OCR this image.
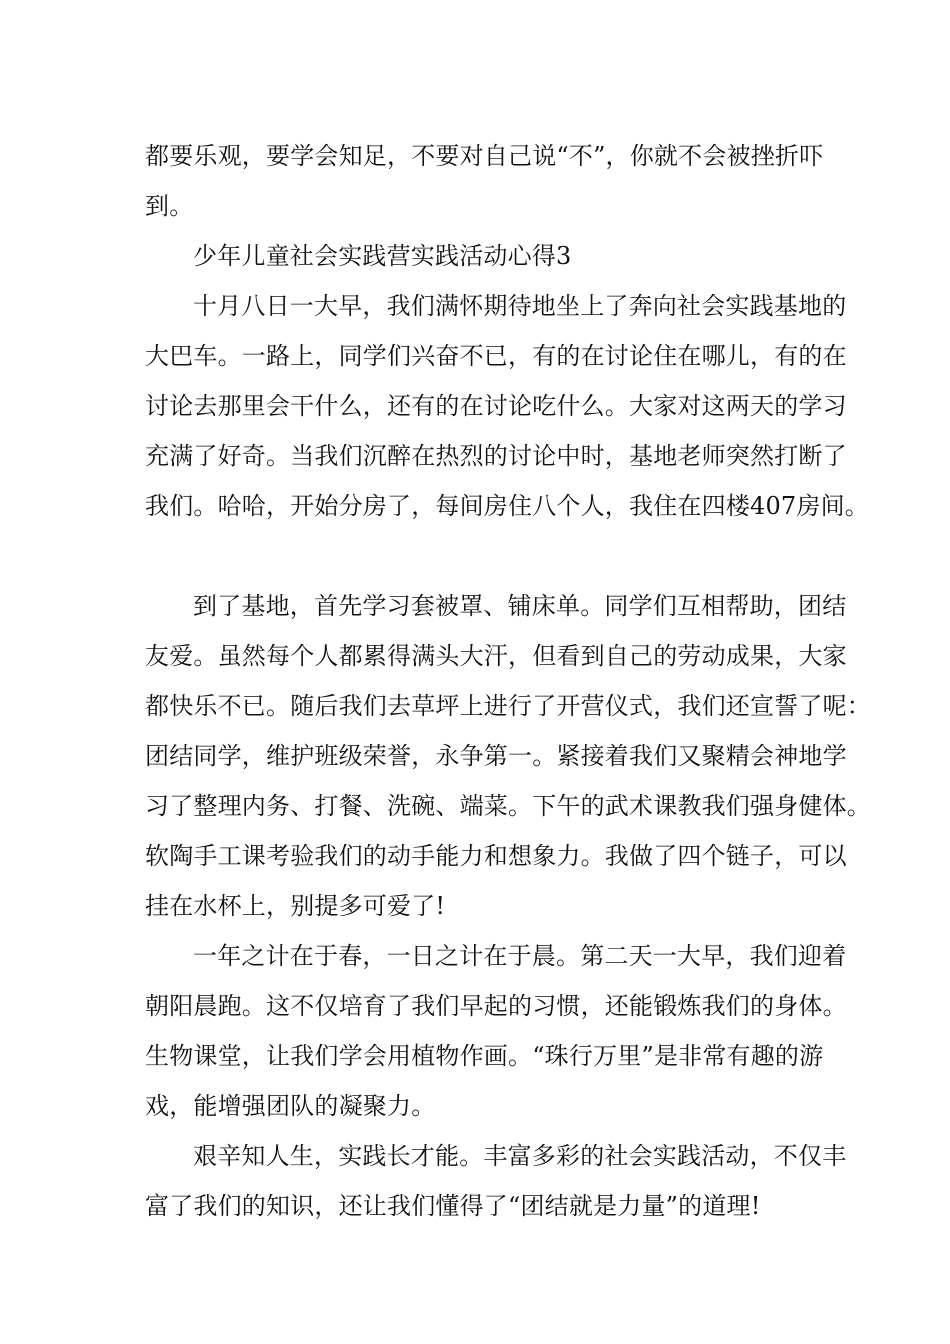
都要乐观，要学会知足，不要对自己说“不”，你就不会被挫折吓
到。
少年儿童社会实践营实践活动心得3
十月八日一大早，我们满怀期待地坐上了奔向社会实践基地的
大巴车。一路上，同学们兴奋不已，有的在讨论住在哪儿，有的在
讨论去那里会干什么，还有的在讨论吃什么。大家对这两天的学习
充满了好奇。当我们沉醉在热烈的讨论中时，基地老师突然打断了
我们。哈哈，开始分房了，每间房住八个人，我住在四楼407房间。
到了基地，首先学习套被罩、铺床单。同学们互相帮助，团结
友爱。虽然每个人都累得满头大汗，但看到自己的劳动成果，大家
都快乐不已。随后我们去草坪上进行了开营仪式，我们还宣誓了呢：
团结同学，维护班级荣誉，永争第一。紧接着我们又聚精会神地学
习了整理内务、打餐、洗碗、端菜。下午的武术课教我们强身健体。
软陶手工课考验我们的动手能力和想象力。我做了四个链子，可以
挂在水杯上，别提多可爱了!
一年之计在于春，一日之计在于晨。第二天一大早，我们迎着
朝阳晨跑。这不仅培育了我们早起的习惯，还能锻炼我们的身体。
生物课堂，让我们学会用植物作画。“珠行万里”是非常有趣的游
戏，能增强团队的凝聚力。
艰辛知人生，实践长才能。丰富多彩的社会实践活动，不仅丰
富了我们的知识，还让我们懂得了“团结就是力量”的道理!
